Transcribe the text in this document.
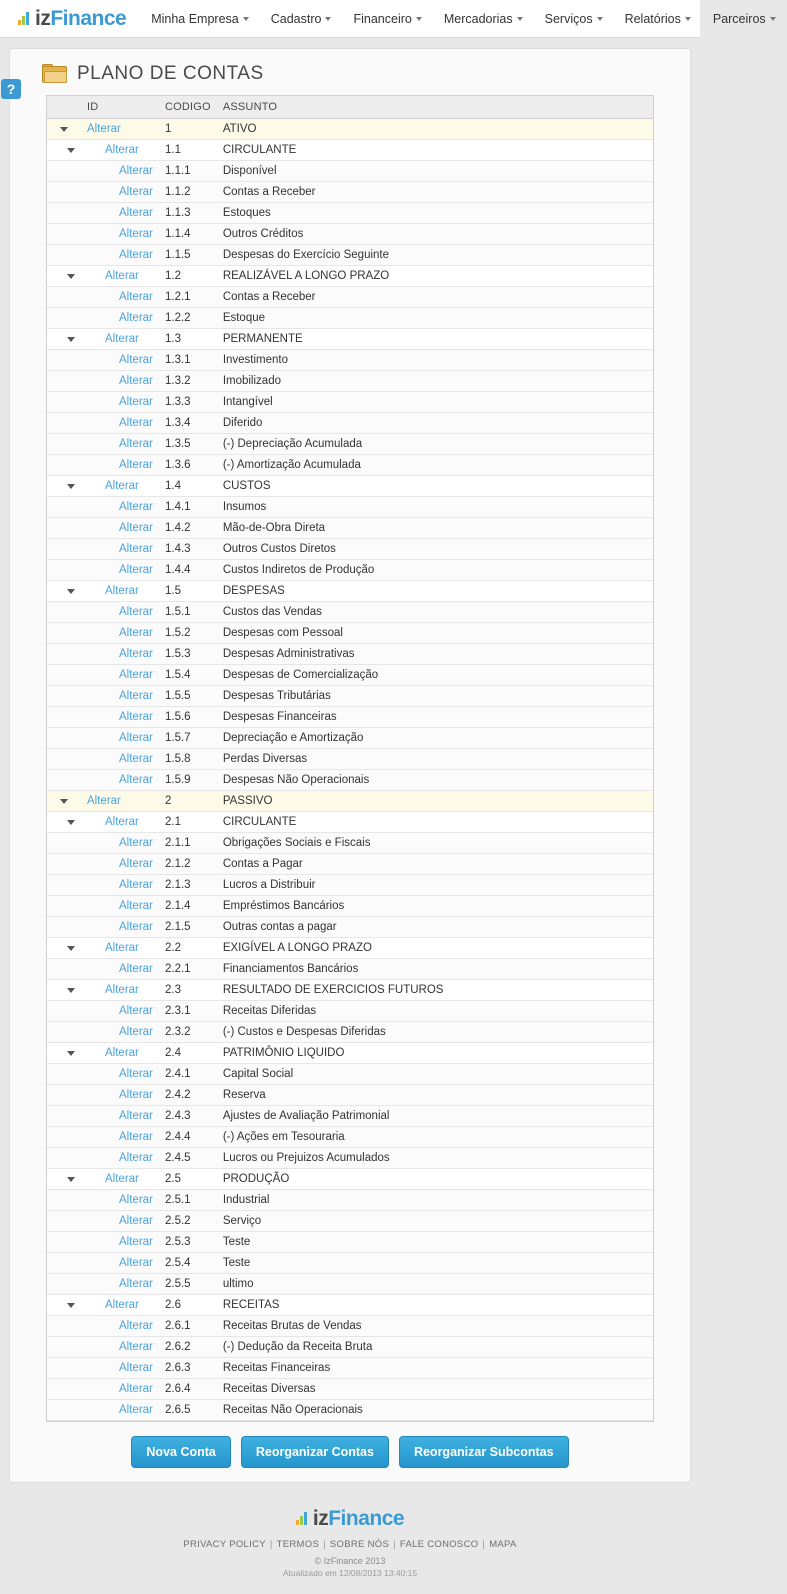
iz Finance	Minha Empresa	Cadastro	Financeiro	Mercadorias	Serviços	Relatórios	Parceiros
?
PLANO DE CONTAS
	ID	CODIGO	ASSUNTO
	Alterar	1	ATIVO
	Alterar	1.1	CIRCULANTE
	Alterar	1.1.1	Disponível
	Alterar	1.1.2	Contas a Receber
	Alterar	1.1.3	Estoques
	Alterar	1.1.4	Outros Créditos
	Alterar	1.1.5	Despesas do Exercício Seguinte
	Alterar	1.2	REALIZÁVEL A LONGO PRAZO
	Alterar	1.2.1	Contas a Receber
	Alterar	1.2.2	Estoque
	Alterar	1.3	PERMANENTE
	Alterar	1.3.1	Investimento
	Alterar	1.3.2	Imobilizado
	Alterar	1.3.3	Intangível
	Alterar	1.3.4	Diferido
	Alterar	1.3.5	(-) Depreciação Acumulada
	Alterar	1.3.6	(-) Amortização Acumulada
	Alterar	1.4	CUSTOS
	Alterar	1.4.1	Insumos
	Alterar	1.4.2	Mão-de-Obra Direta
	Alterar	1.4.3	Outros Custos Diretos
	Alterar	1.4.4	Custos Indiretos de Produção
	Alterar	1.5	DESPESAS
	Alterar	1.5.1	Custos das Vendas
	Alterar	1.5.2	Despesas com Pessoal
	Alterar	1.5.3	Despesas Administrativas
	Alterar	1.5.4	Despesas de Comercialização
	Alterar	1.5.5	Despesas Tributárias
	Alterar	1.5.6	Despesas Financeiras
	Alterar	1.5.7	Depreciação e Amortização
	Alterar	1.5.8	Perdas Diversas
	Alterar	1.5.9	Despesas Não Operacionais
	Alterar	2	PASSIVO
	Alterar	2.1	CIRCULANTE
	Alterar	2.1.1	Obrigações Sociais e Fiscais
	Alterar	2.1.2	Contas a Pagar
	Alterar	2.1.3	Lucros a Distribuir
	Alterar	2.1.4	Empréstimos Bancários
	Alterar	2.1.5	Outras contas a pagar
	Alterar	2.2	EXIGÍVEL A LONGO PRAZO
	Alterar	2.2.1	Financiamentos Bancários
	Alterar	2.3	RESULTADO DE EXERCICIOS FUTUROS
	Alterar	2.3.1	Receitas Diferidas
	Alterar	2.3.2	(-) Custos e Despesas Diferidas
	Alterar	2.4	PATRIMÔNIO LIQUIDO
	Alterar	2.4.1	Capital Social
	Alterar	2.4.2	Reserva
	Alterar	2.4.3	Ajustes de Avaliação Patrimonial
	Alterar	2.4.4	(-) Ações em Tesouraria
	Alterar	2.4.5	Lucros ou Prejuizos Acumulados
	Alterar	2.5	PRODUÇÃO
	Alterar	2.5.1	Industrial
	Alterar	2.5.2	Serviço
	Alterar	2.5.3	Teste
	Alterar	2.5.4	Teste
	Alterar	2.5.5	ultimo
	Alterar	2.6	RECEITAS
	Alterar	2.6.1	Receitas Brutas de Vendas
	Alterar	2.6.2	(-) Dedução da Receita Bruta
	Alterar	2.6.3	Receitas Financeiras
	Alterar	2.6.4	Receitas Diversas
	Alterar	2.6.5	Receitas Não Operacionais
Nova Conta	Reorganizar Contas	Reorganizar Subcontas
iz Finance
PRIVACY POLICY | TERMOS | SOBRE NÓS | FALE CONOSCO | MAPA
© IzFinance 2013
Atualizado em 12/08/2013 13:40:15
